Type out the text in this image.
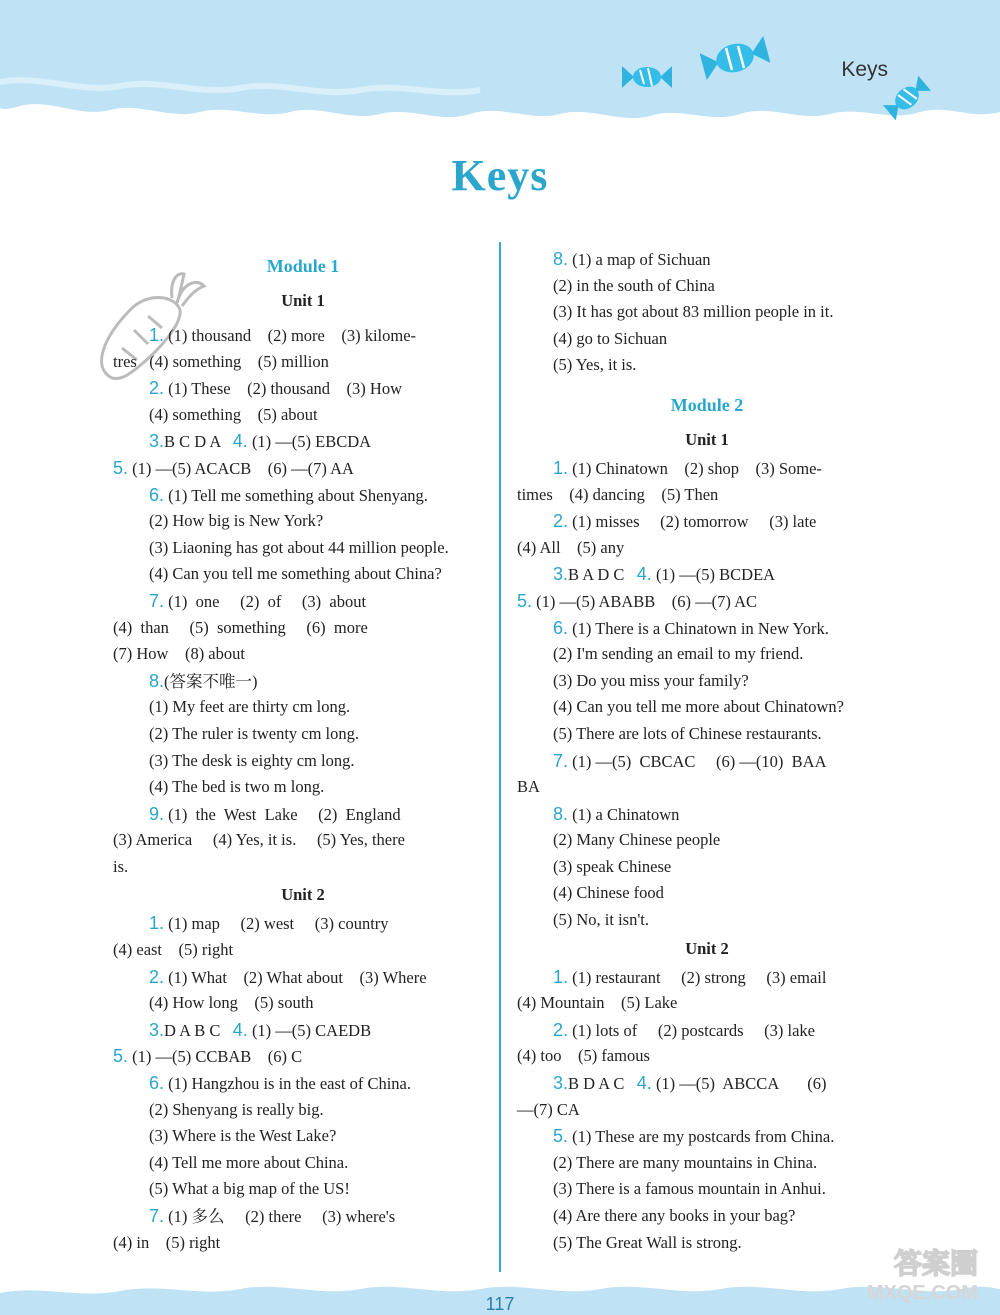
Keys
Keys
Module 1
Unit 1
1. (1) thousand    (2) more    (3) kilome-
tres   (4) something    (5) million
2. (1) These    (2) thousand    (3) How
(4) something    (5) about
3.B C D A 4. (1) —(5) EBCDA
5. (1) —(5) ACACB    (6) —(7) AA
6. (1) Tell me something about Shenyang.
(2) How big is New York?
(3) Liaoning has got about 44 million people.
(4) Can you tell me something about China?
7. (1)  one     (2)  of     (3)  about
(4)  than     (5)  something     (6)  more
(7) How    (8) about
8.(答案不唯一)
(1) My feet are thirty cm long.
(2) The ruler is twenty cm long.
(3) The desk is eighty cm long.
(4) The bed is two m long.
9. (1)  the  West  Lake     (2)  England
(3) America     (4) Yes, it is.     (5) Yes, there
is.
Unit 2
1. (1) map     (2) west     (3) country
(4) east    (5) right
2. (1) What    (2) What about    (3) Where
(4) How long    (5) south
3.D A B C 4. (1) —(5) CAEDB
5. (1) —(5) CCBAB    (6) C
6. (1) Hangzhou is in the east of China.
(2) Shenyang is really big.
(3) Where is the West Lake?
(4) Tell me more about China.
(5) What a big map of the US!
7. (1) 多么     (2) there     (3) where's
(4) in    (5) right
8. (1) a map of Sichuan
(2) in the south of China
(3) It has got about 83 million people in it.
(4) go to Sichuan
(5) Yes, it is.
Module 2
Unit 1
1. (1) Chinatown    (2) shop    (3) Some-
times    (4) dancing    (5) Then
2. (1) misses     (2) tomorrow     (3) late
(4) All    (5) any
3.B A D C 4. (1) —(5) BCDEA
5. (1) —(5) ABABB    (6) —(7) AC
6. (1) There is a Chinatown in New York.
(2) I'm sending an email to my friend.
(3) Do you miss your family?
(4) Can you tell me more about Chinatown?
(5) There are lots of Chinese restaurants.
7. (1) —(5)  CBCAC     (6) —(10)  BAA
BA
8. (1) a Chinatown
(2) Many Chinese people
(3) speak Chinese
(4) Chinese food
(5) No, it isn't.
Unit 2
1. (1) restaurant     (2) strong     (3) email
(4) Mountain    (5) Lake
2. (1) lots of     (2) postcards     (3) lake
(4) too    (5) famous
3.B D A C 4. (1) —(5)  ABCCA       (6)
—(7) CA
5. (1) These are my postcards from China.
(2) There are many mountains in China.
(3) There is a famous mountain in Anhui.
(4) Are there any books in your bag?
(5) The Great Wall is strong.
117
答案圈
MXQE.COM
